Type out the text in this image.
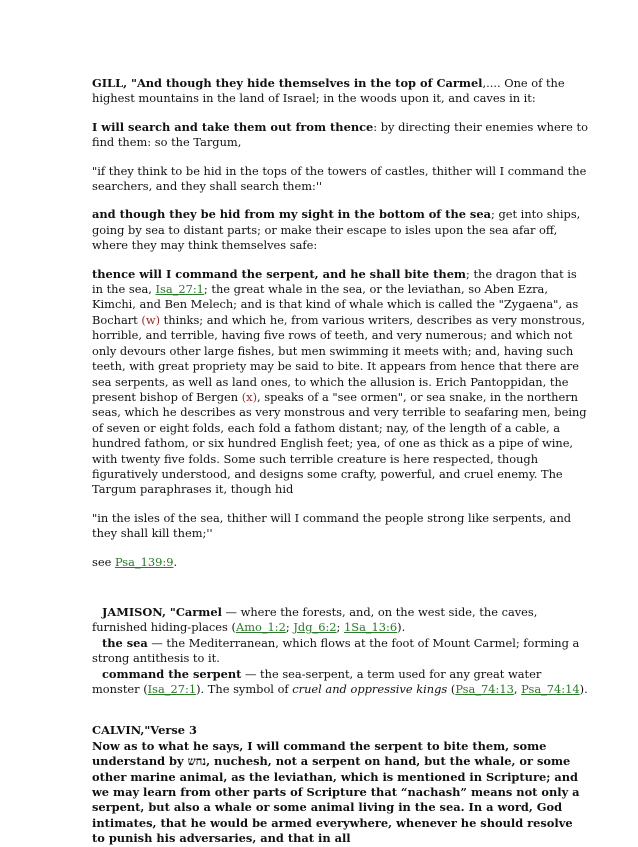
GILL, "And though they hide themselves in the top of Carmel,.... One of the highest mountains in the land of Israel; in the woods upon it, and caves in it:

I will search and take them out from thence: by directing their enemies where to find them: so the Targum,

"if they think to be hid in the tops of the towers of castles, thither will I command the searchers, and they shall search them:''

and though they be hid from my sight in the bottom of the sea; get into ships, going by sea to distant parts; or make their escape to isles upon the sea afar off, where they may think themselves safe:

thence will I command the serpent, and he shall bite them; the dragon that is in the sea, Isa_27:1; the great whale in the sea, or the leviathan, so Aben Ezra, Kimchi, and Ben Melech; and is that kind of whale which is called the "Zygaena", as Bochart (w) thinks; and which he, from various writers, describes as very monstrous, horrible, and terrible, having five rows of teeth, and very numerous; and which not only devours other large fishes, but men swimming it meets with; and, having such teeth, with great propriety may be said to bite. It appears from hence that there are sea serpents, as well as land ones, to which the allusion is. Erich Pantoppidan, the present bishop of Bergen (x), speaks of a "see ormen", or sea snake, in the northern seas, which he describes as very monstrous and very terrible to seafaring men, being of seven or eight folds, each fold a fathom distant; nay, of the length of a cable, a hundred fathom, or six hundred English feet; yea, of one as thick as a pipe of wine, with twenty five folds. Some such terrible creature is here respected, though figuratively understood, and designs some crafty, powerful, and cruel enemy. The Targum paraphrases it, though hid

"in the isles of the sea, thither will I command the people strong like serpents, and they shall kill them;''

see Psa_139:9.

JAMISON, "Carmel — where the forests, and, on the west side, the caves, furnished hiding-places (Amo_1:2; Jdg_6:2; 1Sa_13:6).

the sea — the Mediterranean, which flows at the foot of Mount Carmel; forming a strong antithesis to it.

command the serpent — the sea-serpent, a term used for any great water monster (Isa_27:1). The symbol of cruel and oppressive kings (Psa_74:13, Psa_74:14).

CALVIN,"Verse 3
Now as to what he says, I will command the serpent to bite them, some understand by נחש, nuchesh, not a serpent on hand, but the whale, or some other marine animal, as the leviathan, which is mentioned in Scripture; and we may learn from other parts of Scripture that “nachash” means not only a serpent, but also a whale or some animal living in the sea. In a word, God intimates, that he would be armed everywhere, whenever he should resolve to punish his adversaries, and that in all
